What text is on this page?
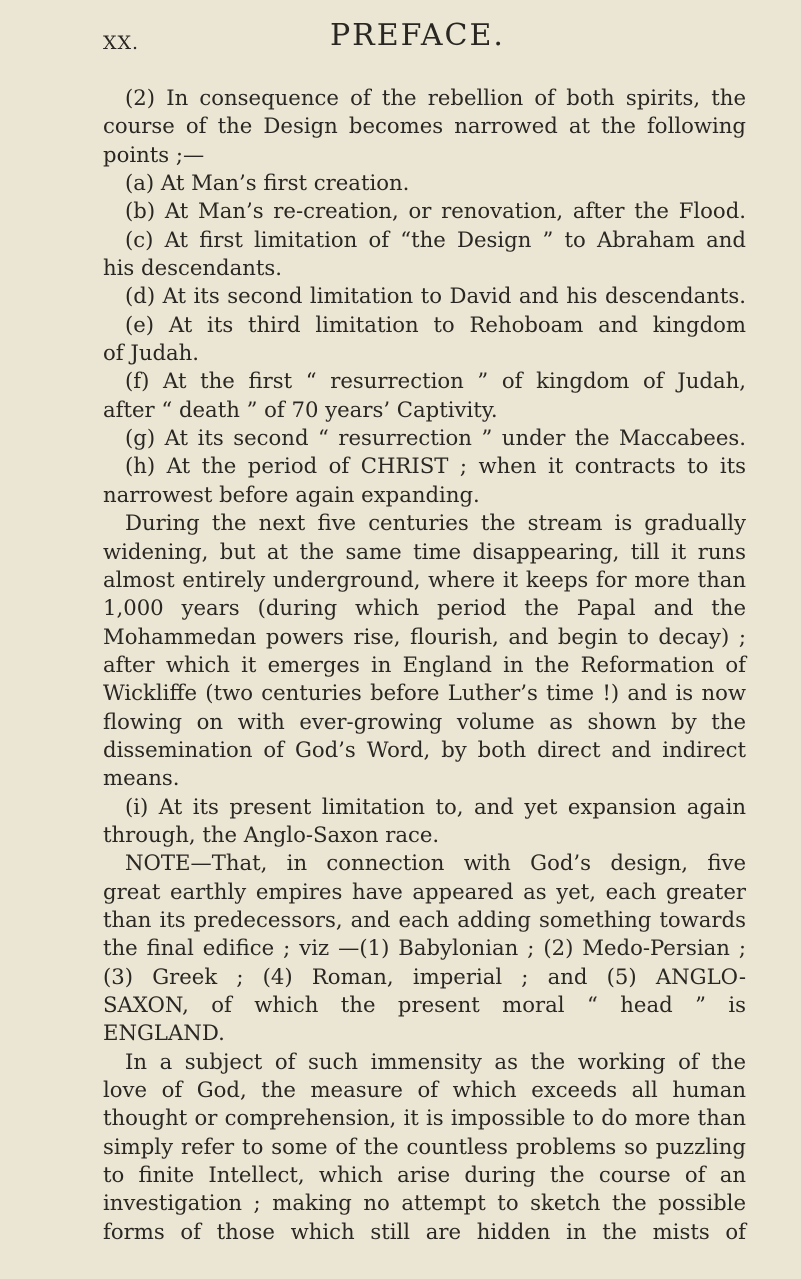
XX.	PREFACE.
(2) In consequence of the rebellion of both spirits, the
course of the Design becomes narrowed at the following
points ;—
(a) At Man’s first creation.
(b) At Man’s re-creation, or renovation, after the Flood.
(c) At first limitation of “the Design ” to Abraham and
his descendants.
(d) At its second limitation to David and his descendants.
(e) At its third limitation to Rehoboam and kingdom
of Judah.
(f) At the first “ resurrection ” of kingdom of Judah,
after “ death ” of 70 years’ Captivity.
(g) At its second “ resurrection ” under the Maccabees.
(h) At the period of CHRIST ; when it contracts to its
narrowest before again expanding.
During the next five centuries the stream is gradually
widening, but at the same time disappearing, till it runs
almost entirely underground, where it keeps for more than
1,000 years (during which period the Papal and the
Mohammedan powers rise, flourish, and begin to decay) ;
after which it emerges in England in the Reformation of
Wickliffe (two centuries before Luther’s time !) and is now
flowing on with ever-growing volume as shown by the
dissemination of God’s Word, by both direct and indirect
means.
(i) At its present limitation to, and yet expansion again
through, the Anglo-Saxon race.
NOTE—That, in connection with God’s design, five
great earthly empires have appeared as yet, each greater
than its predecessors, and each adding something towards
the final edifice ; viz —(1) Babylonian ; (2) Medo-Persian ;
(3) Greek ; (4) Roman, imperial ; and (5) ANGLO-
SAXON, of which the present moral “ head ” is
ENGLAND.
In a subject of such immensity as the working of the
love of God, the measure of which exceeds all human
thought or comprehension, it is impossible to do more than
simply refer to some of the countless problems so puzzling
to finite Intellect, which arise during the course of an
investigation ; making no attempt to sketch the possible
forms of those which still are hidden in the mists of
